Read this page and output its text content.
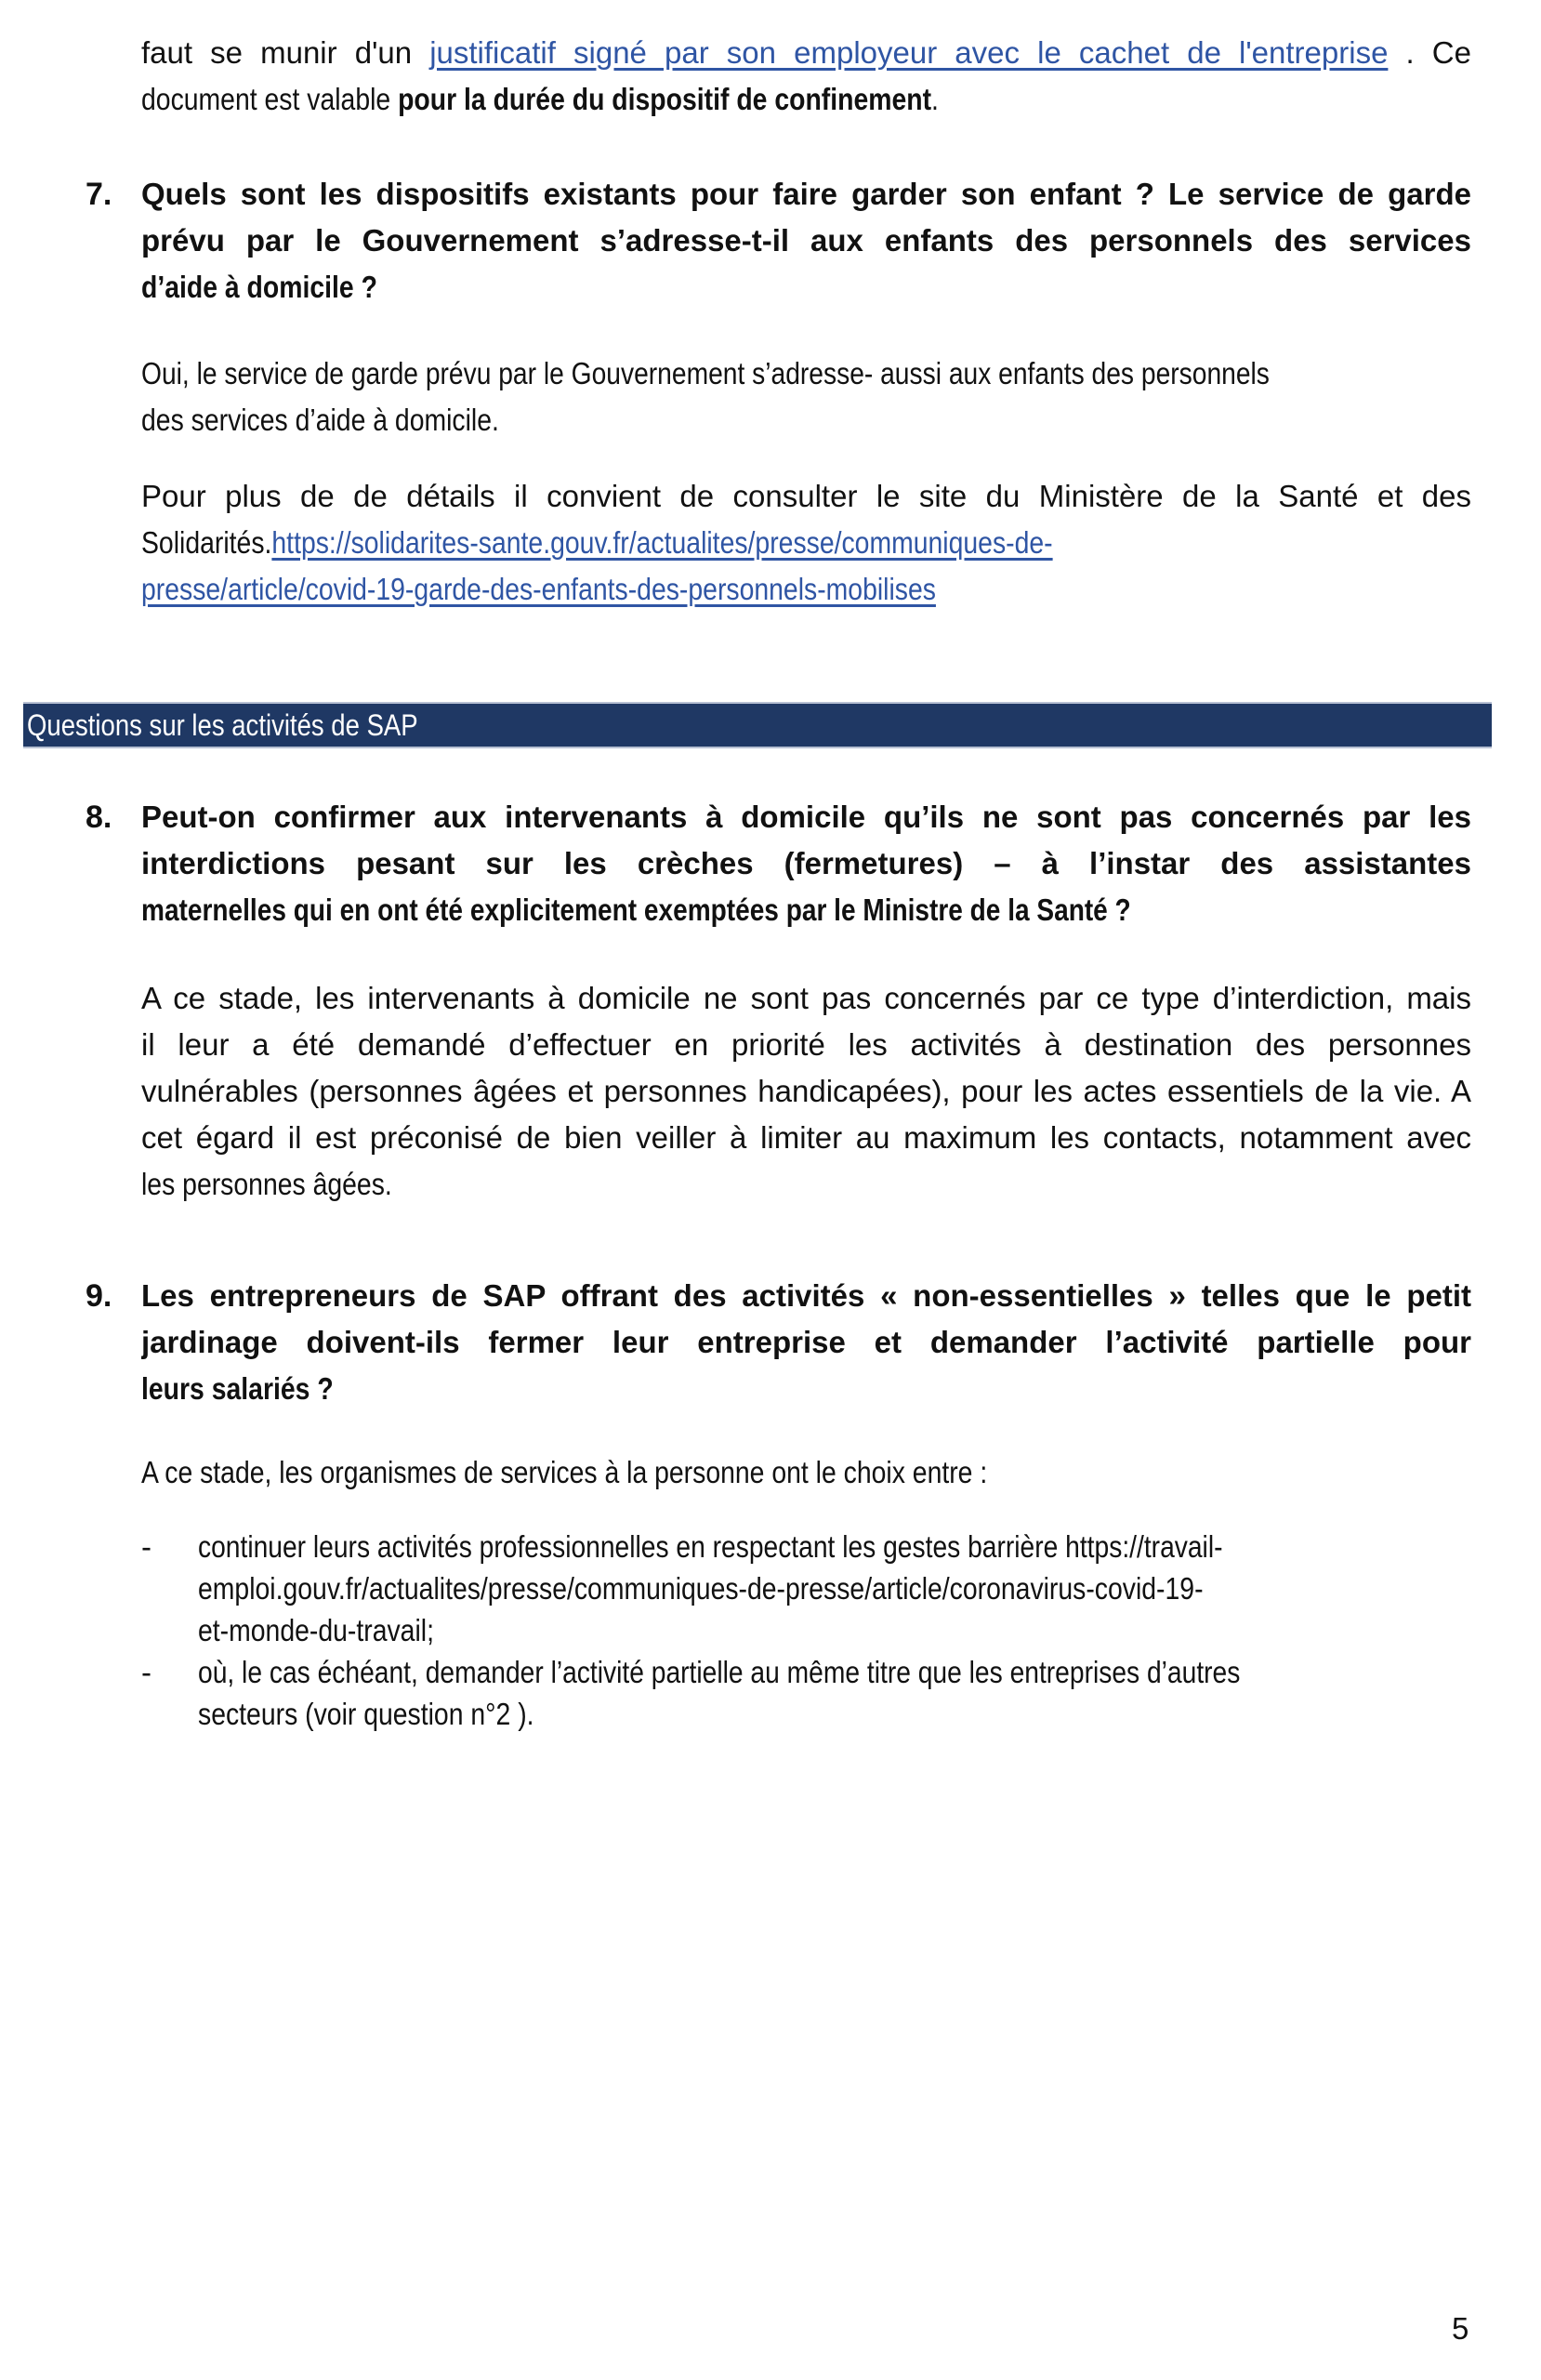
faut se munir d'un justificatif signé par son employeur avec le cachet de l'entreprise . Ce
document est valable pour la durée du dispositif de confinement.
7. Quels sont les dispositifs existants pour faire garder son enfant ? Le service de garde
prévu par le Gouvernement s’adresse-t-il aux enfants des personnels des services
d’aide à domicile ?
Oui, le service de garde prévu par le Gouvernement s’adresse- aussi aux enfants des personnels
des services d’aide à domicile.
Pour plus de de détails il convient de consulter le site du Ministère de la Santé et des
Solidarités.https://solidarites-sante.gouv.fr/actualites/presse/communiques-de-
presse/article/covid-19-garde-des-enfants-des-personnels-mobilises
Questions sur les activités de SAP
8. Peut-on confirmer aux intervenants à domicile qu’ils ne sont pas concernés par les
interdictions pesant sur les crèches (fermetures) – à l’instar des assistantes
maternelles qui en ont été explicitement exemptées par le Ministre de la Santé ?
A ce stade, les intervenants à domicile ne sont pas concernés par ce type d’interdiction, mais
il leur a été demandé d’effectuer en priorité les activités à destination des personnes
vulnérables (personnes âgées et personnes handicapées), pour les actes essentiels de la vie. A
cet égard il est préconisé de bien veiller à limiter au maximum les contacts, notamment avec
les personnes âgées.
9. Les entrepreneurs de SAP offrant des activités « non-essentielles » telles que le petit
jardinage doivent-ils fermer leur entreprise et demander l’activité partielle pour
leurs salariés ?
A ce stade, les organismes de services à la personne ont le choix entre :
- continuer leurs activités professionnelles en respectant les gestes barrière https://travail-
emploi.gouv.fr/actualites/presse/communiques-de-presse/article/coronavirus-covid-19-
et-monde-du-travail;
- où, le cas échéant, demander l’activité partielle au même titre que les entreprises d’autres
secteurs (voir question n°2 ).
5
